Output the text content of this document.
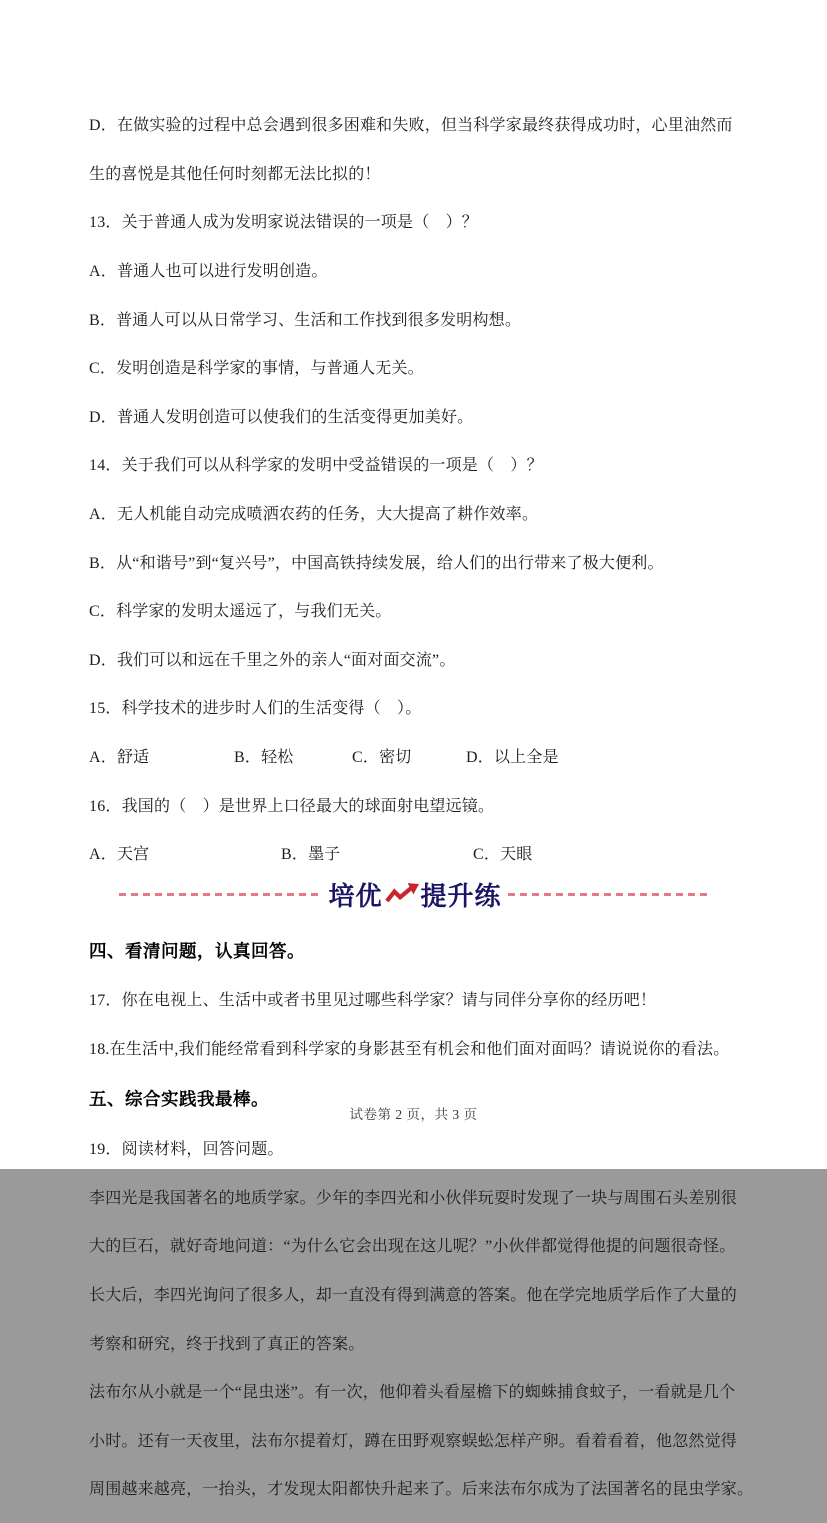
D．在做实验的过程中总会遇到很多困难和失败，但当科学家最终获得成功时，心里油然而

生的喜悦是其他任何时刻都无法比拟的！

13．关于普通人成为发明家说法错误的一项是（　）？

A．普通人也可以进行发明创造。

B．普通人可以从日常学习、生活和工作找到很多发明构想。

C．发明创造是科学家的事情，与普通人无关。

D．普通人发明创造可以使我们的生活变得更加美好。

14．关于我们可以从科学家的发明中受益错误的一项是（　）？

A．无人机能自动完成喷洒农药的任务，大大提高了耕作效率。

B．从“和谐号”到“复兴号”，中国高铁持续发展，给人们的出行带来了极大便利。

C．科学家的发明太遥远了，与我们无关。

D．我们可以和远在千里之外的亲人“面对面交流”。

15．科学技术的进步时人们的生活变得（　）。

A．舒适	B．轻松	C．密切	D．以上全是

16．我国的（　）是世界上口径最大的球面射电望远镜。

A．天宫	B．墨子	C．天眼
培优 提升练

四、看清问题，认真回答。

17．你在电视上、生活中或者书里见过哪些科学家？请与同伴分享你的经历吧！

18.在生活中,我们能经常看到科学家的身影甚至有机会和他们面对面吗？请说说你的看法。

五、综合实践我最棒。

19．阅读材料，回答问题。

李四光是我国著名的地质学家。少年的李四光和小伙伴玩耍时发现了一块与周围石头差别很

大的巨石，就好奇地问道：“为什么它会出现在这儿呢？”小伙伴都觉得他提的问题很奇怪。

长大后，李四光询问了很多人，却一直没有得到满意的答案。他在学完地质学后作了大量的

考察和研究，终于找到了真正的答案。

法布尔从小就是一个“昆虫迷”。有一次，他仰着头看屋檐下的蜘蛛捕食蚊子，一看就是几个

小时。还有一天夜里，法布尔提着灯，蹲在田野观察蜈蚣怎样产卵。看着看着，他忽然觉得

周围越来越亮，一抬头，才发现太阳都快升起来了。后来法布尔成为了法国著名的昆虫学家。

试卷第 2 页，共 3 页
